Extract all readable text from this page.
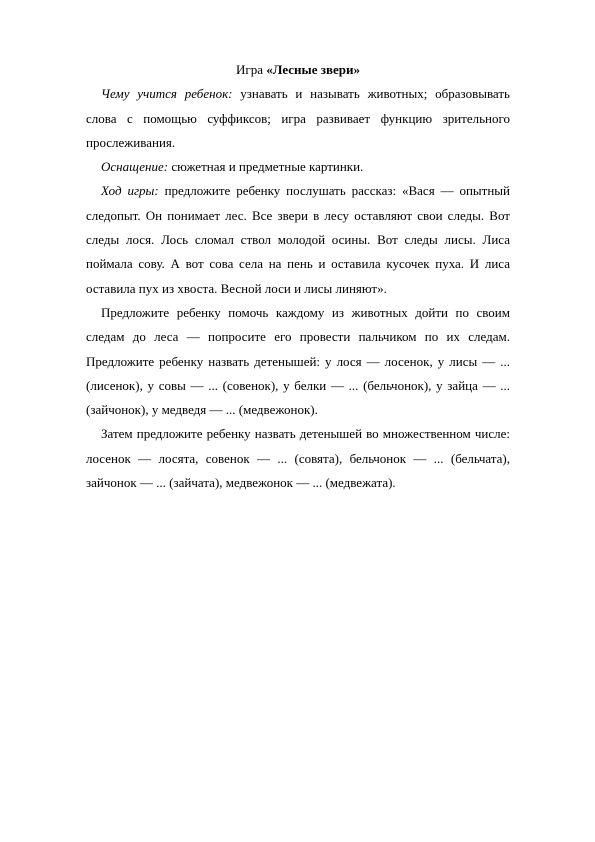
Игра «Лесные звери»

Чему учится ребенок: узнавать и называть животных; образовывать слова с помощью суффиксов; игра развивает функцию зрительного прослеживания.

Оснащение: сюжетная и предметные картинки.

Ход игры: предложите ребенку послушать рассказ: «Вася — опытный следопыт. Он понимает лес. Все звери в лесу оставляют свои следы. Вот следы лося. Лось сломал ствол молодой осины. Вот следы лисы. Лиса поймала сову. А вот сова села на пень и оставила кусочек пуха. И лиса оставила пух из хвоста. Весной лоси и лисы линяют».

Предложите ребенку помочь каждому из животных дойти по своим следам до леса — попросите его провести пальчиком по их следам. Предложите ребенку назвать детенышей: у лося — лосенок, у лисы — ... (лисенок), у совы — ... (совенок), у белки — ... (бельчонок), у зайца — ... (зайчонок), у медведя — ... (медвежонок).

Затем предложите ребенку назвать детенышей во множественном числе: лосенок — лосята, совенок — ... (совята), бельчонок — ... (бельчата), зайчонок — ... (зайчата), медвежонок — ... (медвежата).
